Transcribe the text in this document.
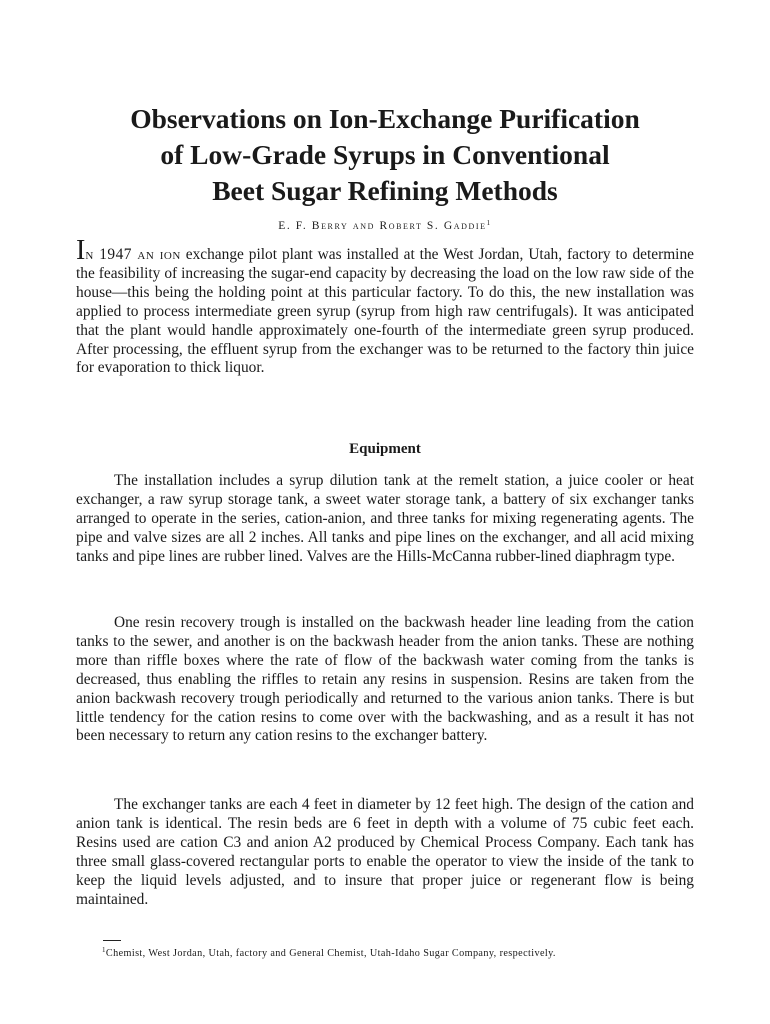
Observations on Ion-Exchange Purification
of Low-Grade Syrups in Conventional
Beet Sugar Refining Methods
E. F. Berry and Robert S. Gaddie$^1$

In 1947 an ion exchange pilot plant was installed at the West Jordan, Utah, factory to determine the feasibility of increasing the sugar-end capacity by decreasing the load on the low raw side of the house—this being the holding point at this particular factory. To do this, the new installation was applied to process intermediate green syrup (syrup from high raw centrifugals). It was anticipated that the plant would handle approximately one-fourth of the intermediate green syrup produced. After processing, the effluent syrup from the exchanger was to be returned to the factory thin juice for evaporation to thick liquor.

Equipment

The installation includes a syrup dilution tank at the remelt station, a juice cooler or heat exchanger, a raw syrup storage tank, a sweet water storage tank, a battery of six exchanger tanks arranged to operate in the series, cation-anion, and three tanks for mixing regenerating agents. The pipe and valve sizes are all 2 inches. All tanks and pipe lines on the exchanger, and all acid mixing tanks and pipe lines are rubber lined. Valves are the Hills-McCanna rubber-lined diaphragm type.

One resin recovery trough is installed on the backwash header line leading from the cation tanks to the sewer, and another is on the backwash header from the anion tanks. These are nothing more than riffle boxes where the rate of flow of the backwash water coming from the tanks is decreased, thus enabling the riffles to retain any resins in suspension. Resins are taken from the anion backwash recovery trough periodically and returned to the various anion tanks. There is but little tendency for the cation resins to come over with the backwashing, and as a result it has not been necessary to return any cation resins to the exchanger battery.

The exchanger tanks are each 4 feet in diameter by 12 feet high. The design of the cation and anion tank is identical. The resin beds are 6 feet in depth with a volume of 75 cubic feet each. Resins used are cation C3 and anion A2 produced by Chemical Process Company. Each tank has three small glass-covered rectangular ports to enable the operator to view the inside of the tank to keep the liquid levels adjusted, and to insure that proper juice or regenerant flow is being maintained.

$^1$Chemist, West Jordan, Utah, factory and General Chemist, Utah-Idaho Sugar Company, respectively.
